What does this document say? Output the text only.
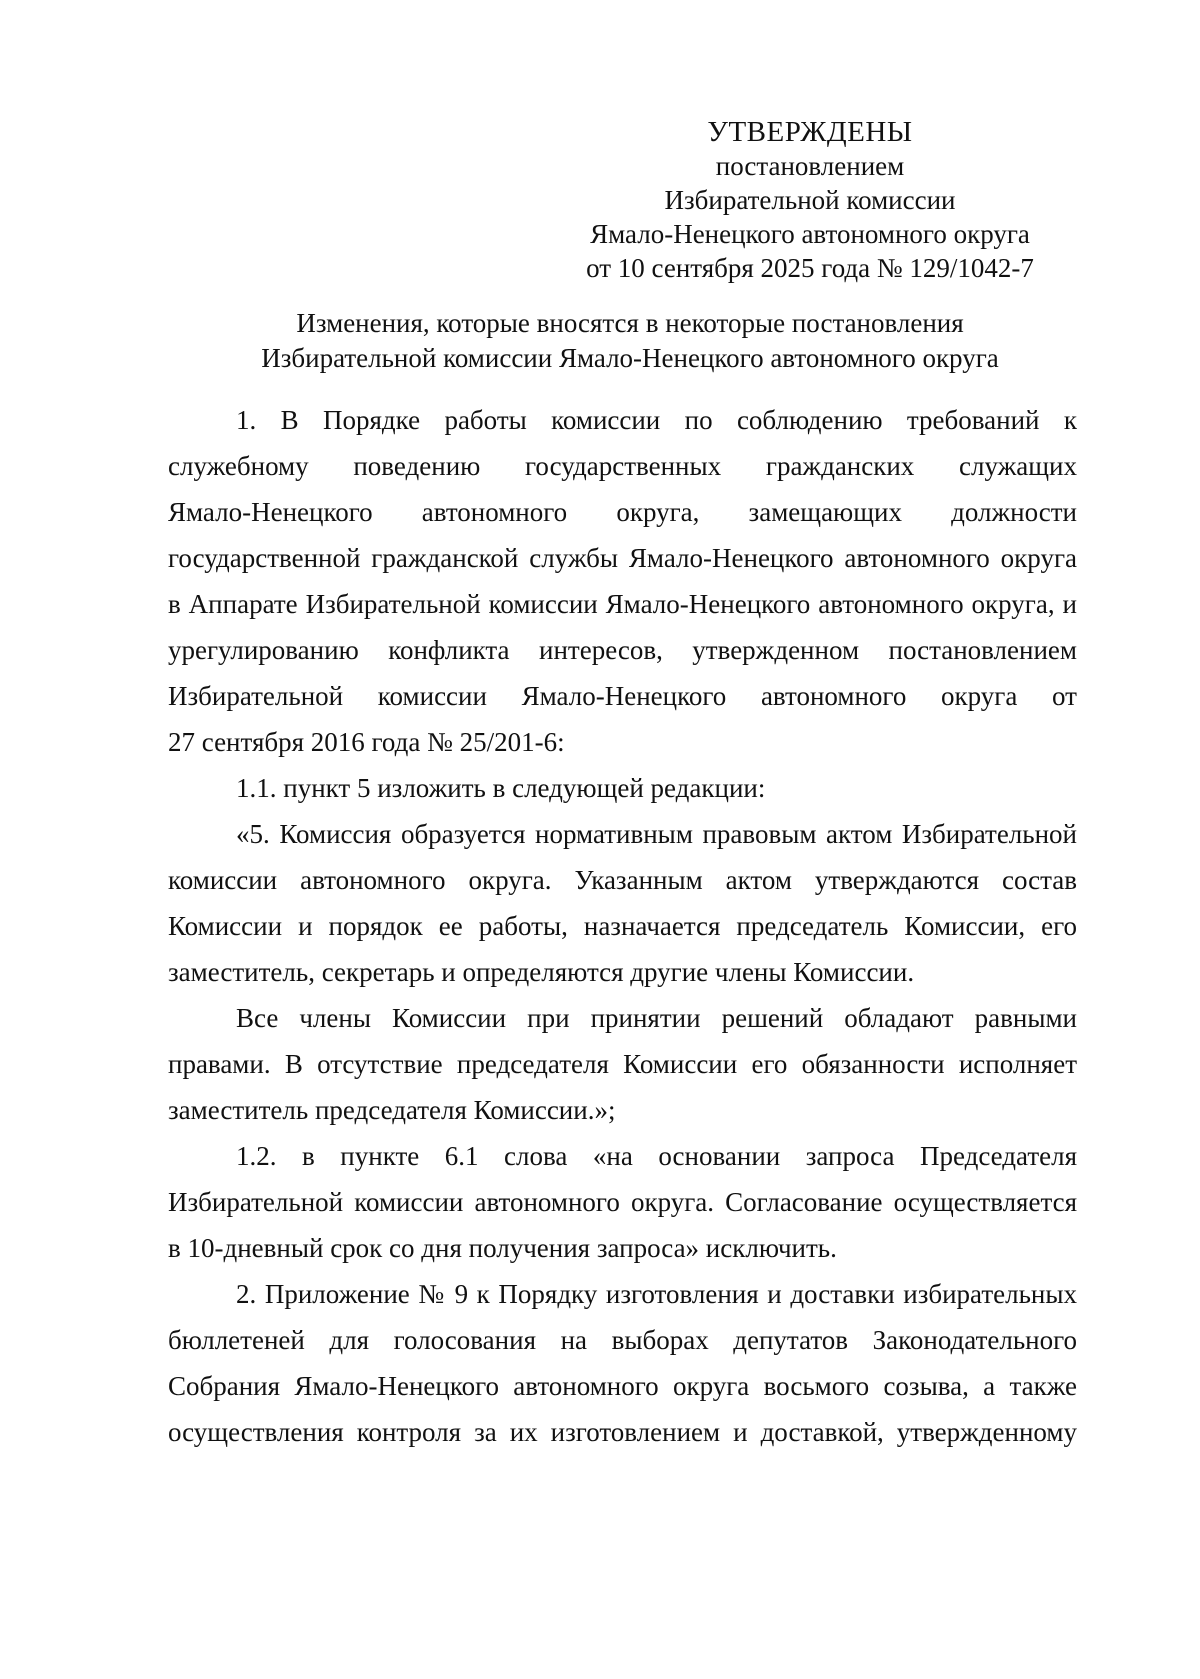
УТВЕРЖДЕНЫ
постановлением
Избирательной комиссии
Ямало-Ненецкого автономного округа
от 10 сентября 2025 года № 129/1042-7
Изменения, которые вносятся в некоторые постановления
Избирательной комиссии Ямало-Ненецкого автономного округа

1. В Порядке работы комиссии по соблюдению требований к
служебному поведению государственных гражданских служащих
Ямало-Ненецкого автономного округа, замещающих должности
государственной гражданской службы Ямало-Ненецкого автономного округа
в Аппарате Избирательной комиссии Ямало-Ненецкого автономного округа, и
урегулированию конфликта интересов, утвержденном постановлением
Избирательной комиссии Ямало-Ненецкого автономного округа от
27 сентября 2016 года № 25/201-6:

1.1. пункт 5 изложить в следующей редакции:

«5. Комиссия образуется нормативным правовым актом Избирательной
комиссии автономного округа. Указанным актом утверждаются состав
Комиссии и порядок ее работы, назначается председатель Комиссии, его
заместитель, секретарь и определяются другие члены Комиссии.

Все члены Комиссии при принятии решений обладают равными
правами. В отсутствие председателя Комиссии его обязанности исполняет
заместитель председателя Комиссии.»;

1.2. в пункте 6.1 слова «на основании запроса Председателя
Избирательной комиссии автономного округа. Согласование осуществляется
в 10-дневный срок со дня получения запроса» исключить.

2. Приложение № 9 к Порядку изготовления и доставки избирательных
бюллетеней для голосования на выборах депутатов Законодательного
Собрания Ямало-Ненецкого автономного округа восьмого созыва, а также
осуществления контроля за их изготовлением и доставкой, утвержденному
